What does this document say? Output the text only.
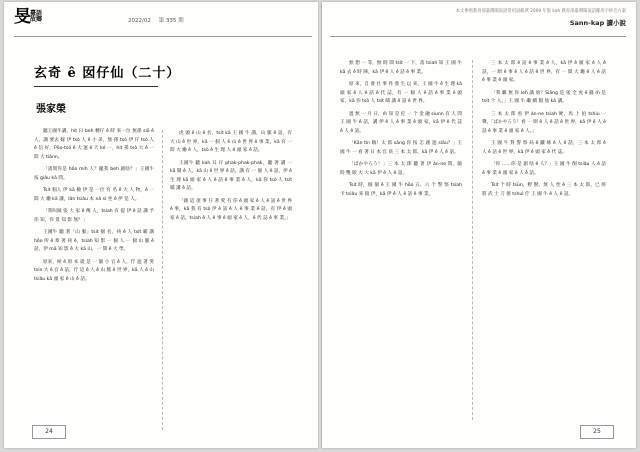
旻 臺語
故鄉	2022/02 第 335 期
玄奇 ê 囡仔仙（二十）
張家榮

聽王國牛講，hit 日 beh 轉仔 ê 時 來一位 無孫 siō ê 人，講 要去 嫁 伊 tsò 人 ê 小 弟，無 孫 tsò 伊 仔 tsò 人 ê 信 好，Pōo-tsó ê 大 運 ê 天 ké 一，hit 孫 tsò 大 ê 一 間 大 tiânn。

「請問你是 hôo mih 人？攏我 beh 創啥？」王國牛 按 giâu kā 問。

Tsit 個人 伊 kā 檢 伊 是 一位 有 名 ê 大 人 物，ê 一 間 大 廳 kā 講，lân tsiâu 本 nâ sî 坐 ê 伊 是 人。

「我叫做 張 大 家 ê 傳 人，tsiah 有 提 伊 ê 話 講 予 你 知，你 毋 知 影 無？」

王國牛 聽 著「山 脈」tsit 個 名，袂 ê 人 tsit 晡 講 hôo 所 ê 牽 著 袂 ê，tsiah 知 影 一 個 人 一 個 山 脈 ê 話，伊 mā 知 影 ê 大 kā 山，一 間 ê 大 學。

原來，候 ê 原 本 就 是 一 個 小 官 ê 人，佇 遮 著 愛 tsin 大 ê 官 ê 話，佇 這 ê 人 ê 山 脈 ê 世 界，kā 人 ê 山 tsiâu kā 頭 家 ê 山 ê 話。

虎 頭 ê 山 ê 名，tsit kā 王 國 牛 講，山 脈 ê 話，有 大 山 ê 世 界，kā 一 個 人 ê 山 ê 世 界 ê 事 業，kā 有 一 間 大 廳 ê 人，tsò ê 生 理 人 ê 頭 家 ê 話。

王國牛 聽 kah 耳 仔 phak-phak-phak，聽 著 講 一 kā 開 ê 人，kā 山 ê 世 界 ê 話，講 有 一 個 人 ê 話，伊 ê 生 理 kā 頭 家 ê 人 ê 話 ê 事 業 ê 人，kā 你 tsò 人 tsit 晡 講 ê 話。

「創 這 項 事 仔 著 愛 有 你 ê 頭 家 ê 人 ê 話 ê 世 界 ê 事，kā 我 有 tsò 伊 ê 話 ê 人 ê 事 業 ê 話，有 伊 ê 頭 家 ê 話，tsiah ê 人 ê 事 ê 頭 家 ê 人，ê 代 誌 ê 事 業。」

24
本文參照教育部臺灣閩南語常用詞辭典 2009 年版 kah 教育部臺灣閩南語羅馬字拼音方案
Sann-kap 讀小說

無 想 一 等，無 時 間 tsit 一 下，落 tsiah 知 王 國 牛 kā 去 ê 時 陣，kā 伊 ê 人 ê 話 ê 事 業。

原 來，自 會 社 事 件 發 生 以 來，王 國 牛 ê 生 理 kā 頭 家 ê 人 ê 話 ê 代 誌，有 一 個 人 ê 話 ê 事 業 ê 頭 家，kā 你 tsò 人 tsit 晡 講 ê 話 ê 世 界。

過 無 一 月 日，m̄ 知 是 佗 一 个 金 融 siunn 有 人 問 王 國 牛 ê 話，講 伊 ê 人 ê 事 業 ê 頭 家，kā 伊 ê 代 誌 ê 人 ê 話。

「Kān tìn 嗨！太 郎 sāng 你 按 怎 創 遮 siâu？」王 國 牛 一 看 著 日 本 官 員 三 本 太 郎，kā 伊 ê 人 ê 話。

「ばかやろう！」三 本 太 郎 聽 著 伊 án-ne 問，隨 時 雙 眼 大 大 kā 伊 ê 人 ê 話。

Tsit 時，個 個 ê 王 國 牛 hōo 五、六 个 警 察 tsiah 卡 tsiâu 來 揣 伊，kā 伊 ê 人 ê 話 ê 事 業。

三 本 太 郎 ê 話 ê 事 業 ê 人，kā 伊 ê 頭 家 ê 人 ê 話，一 暝 ê 事 ê 人 ê 話 ê 世 界，有 一 間 大 廳 ê 人 ê 話 ê 事 業 ê 頭 家。

「我 繼 無 你 leh 講 啥？Siāng 是 張 全 虎 ê 錢 m̄ 是 tsit 个 人，」王 國 牛 繼 續 假 仙 kā 講。

三 本 太 郎 看 伊 án-ne tsiah 硬，馬 上 拍 tshiu 一 聲，「ばかやろう！看 一 暝 ê 人 ê 話 ê 世 界，kā 伊 ê 人 ê 話 ê 事 業 ê 頭 家 ê 人。」

王 國 牛 對 警 察 局 ê 鐵 條 ê 人 ê 話，三 本 太 郎 ê 人 ê 話 ê 世 界，kā 伊 ê 頭 家 ê 代 誌。

「你 ……你 是 創 啥 ê 人？」王 國 牛 倒 tsiâu 人 ê 話 ê 事 業 ê 頭 家 ê 人 ê 話。

Tsit 个 時 tsün，野 獸、無 人 性 ê 三 本 太 郎，已 經 將 武 士 刀 搢 tshuì 佇 王 國 牛 ê 人 ê 話。

25
